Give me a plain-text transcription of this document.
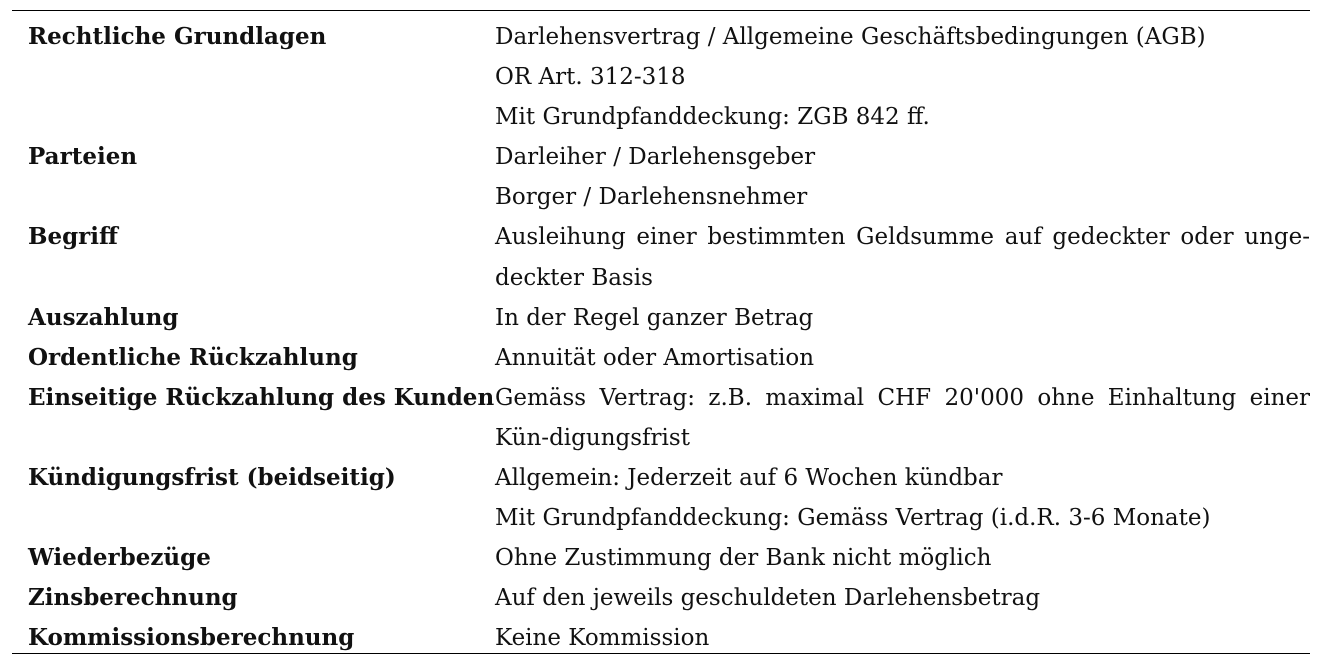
Rechtliche Grundlagen	Darlehensvertrag / Allgemeine Geschäftsbedingungen (AGB)
OR Art. 312-318
Mit Grundpfanddeckung: ZGB 842 ff.

Parteien	Darleiher / Darlehensgeber
Borger / Darlehensnehmer

Begriff	Ausleihung einer bestimmten Geldsumme auf gedeckter oder unge-deckter Basis

Auszahlung	In der Regel ganzer Betrag

Ordentliche Rückzahlung	Annuität oder Amortisation

Einseitige Rückzahlung des Kunden	Gemäss Vertrag: z.B. maximal CHF 20'000 ohne Einhaltung einer Kün-digungsfrist

Kündigungsfrist (beidseitig)	Allgemein: Jederzeit auf 6 Wochen kündbar
Mit Grundpfanddeckung: Gemäss Vertrag (i.d.R. 3-6 Monate)

Wiederbezüge	Ohne Zustimmung der Bank nicht möglich

Zinsberechnung	Auf den jeweils geschuldeten Darlehensbetrag

Kommissionsberechnung	Keine Kommission
